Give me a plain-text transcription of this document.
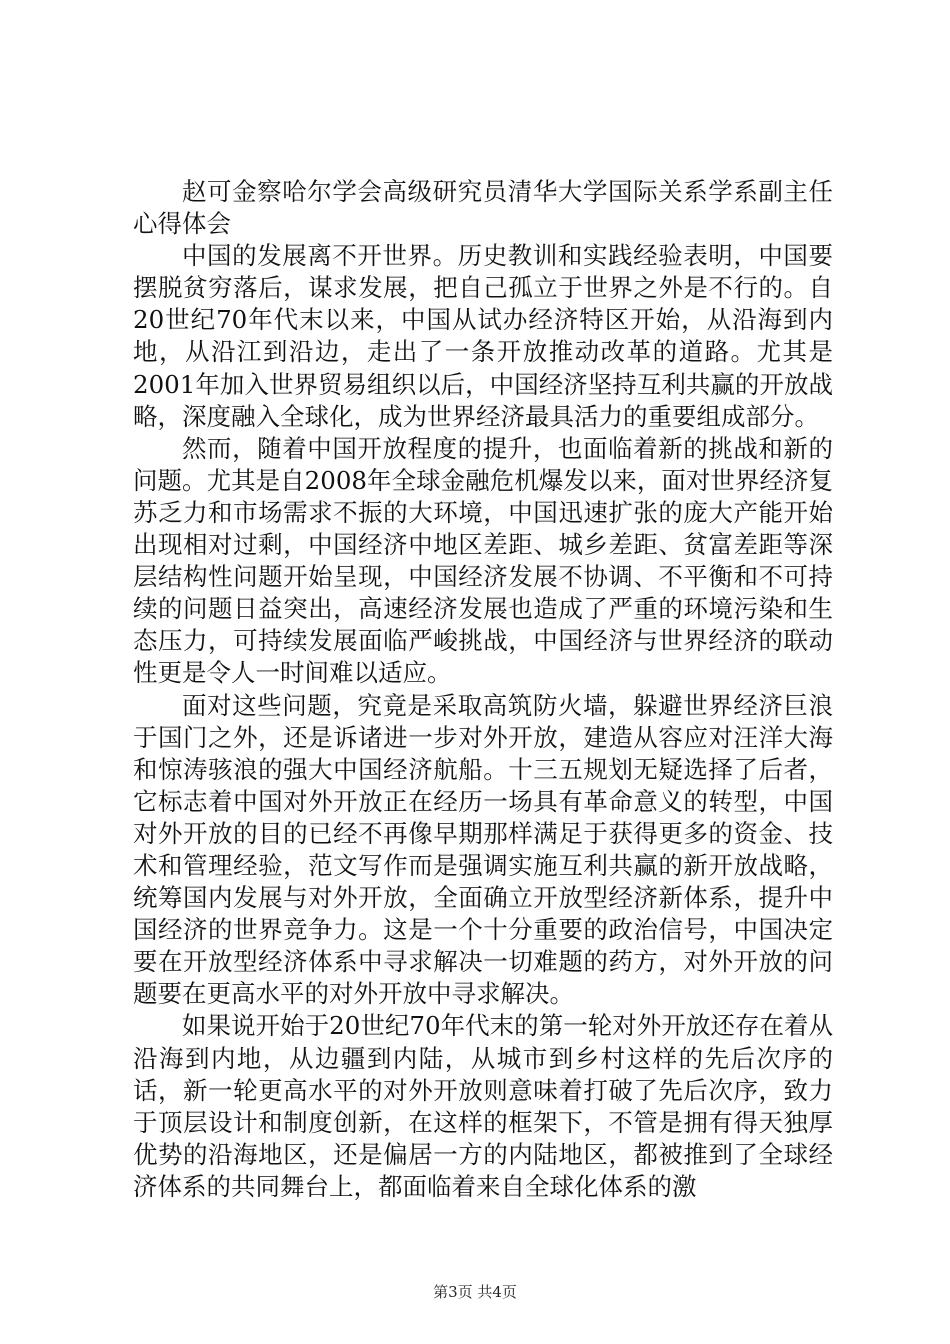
赵可金察哈尔学会高级研究员清华大学国际关系学系副主任心得体会

中国的发展离不开世界。历史教训和实践经验表明，中国要摆脱贫穷落后，谋求发展，把自己孤立于世界之外是不行的。自20世纪70年代末以来，中国从试办经济特区开始，从沿海到内地，从沿江到沿边，走出了一条开放推动改革的道路。尤其是2001年加入世界贸易组织以后，中国经济坚持互利共赢的开放战略，深度融入全球化，成为世界经济最具活力的重要组成部分。

然而，随着中国开放程度的提升，也面临着新的挑战和新的问题。尤其是自2008年全球金融危机爆发以来，面对世界经济复苏乏力和市场需求不振的大环境，中国迅速扩张的庞大产能开始出现相对过剩，中国经济中地区差距、城乡差距、贫富差距等深层结构性问题开始呈现，中国经济发展不协调、不平衡和不可持续的问题日益突出，高速经济发展也造成了严重的环境污染和生态压力，可持续发展面临严峻挑战，中国经济与世界经济的联动性更是令人一时间难以适应。

面对这些问题，究竟是采取高筑防火墙，躲避世界经济巨浪于国门之外，还是诉诸进一步对外开放，建造从容应对汪洋大海和惊涛骇浪的强大中国经济航船。十三五规划无疑选择了后者，它标志着中国对外开放正在经历一场具有革命意义的转型，中国对外开放的目的已经不再像早期那样满足于获得更多的资金、技术和管理经验，范文写作而是强调实施互利共赢的新开放战略，统筹国内发展与对外开放，全面确立开放型经济新体系，提升中国经济的世界竞争力。这是一个十分重要的政治信号，中国决定要在开放型经济体系中寻求解决一切难题的药方，对外开放的问题要在更高水平的对外开放中寻求解决。

如果说开始于20世纪70年代末的第一轮对外开放还存在着从沿海到内地，从边疆到内陆，从城市到乡村这样的先后次序的话，新一轮更高水平的对外开放则意味着打破了先后次序，致力于顶层设计和制度创新，在这样的框架下，不管是拥有得天独厚优势的沿海地区，还是偏居一方的内陆地区，都被推到了全球经济体系的共同舞台上，都面临着来自全球化体系的激

第3页 共4页
